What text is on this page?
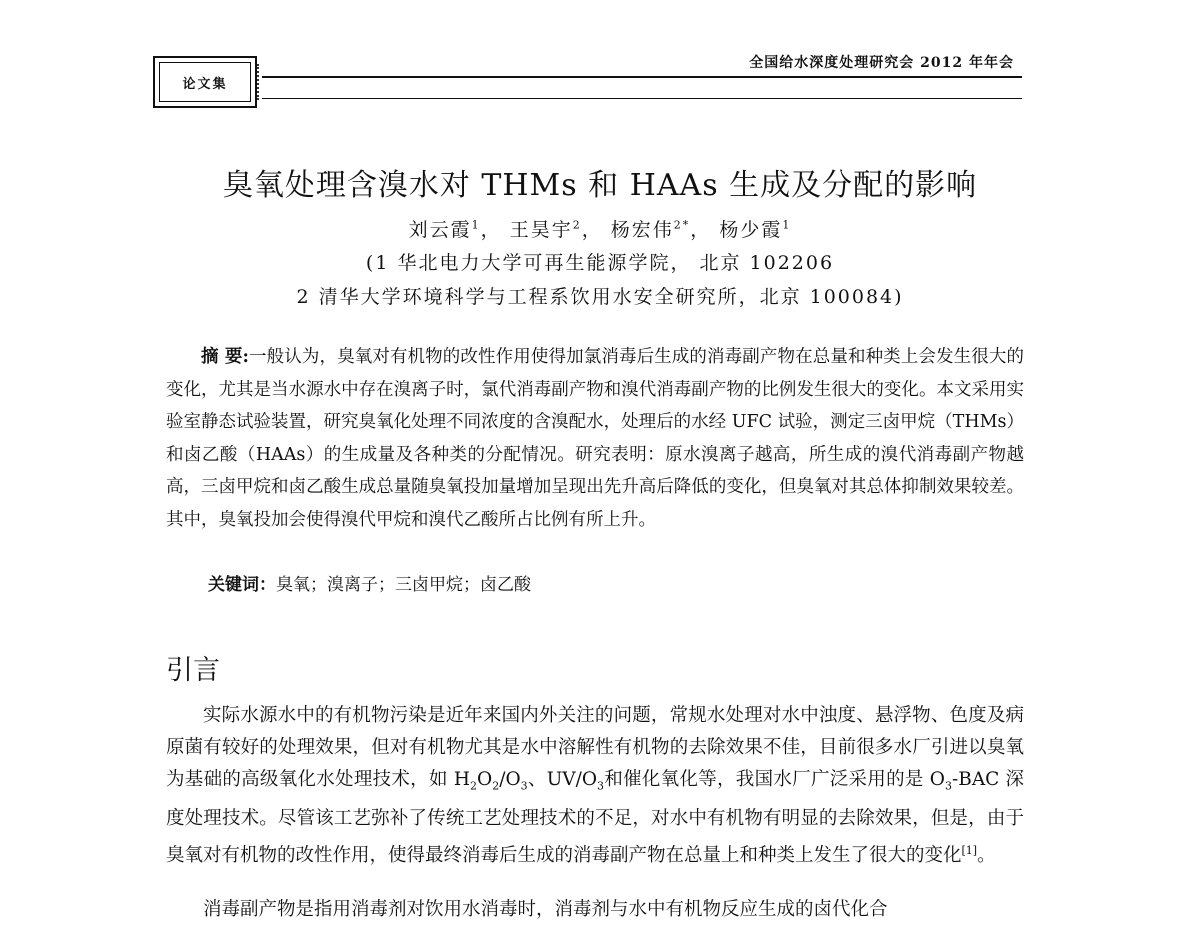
论文集
全国给水深度处理研究会 2012 年年会
臭氧处理含溴水对 THMs 和 HAAs 生成及分配的影响
刘云霞$^1$， 王昊宇$^2$， 杨宏伟$^{2*}$， 杨少霞$^1$
(1 华北电力大学可再生能源学院， 北京 102206
2 清华大学环境科学与工程系饮用水安全研究所，北京 100084)
摘 要:一般认为，臭氧对有机物的改性作用使得加氯消毒后生成的消毒副产物在总量和种类上会发生很大的变化，尤其是当水源水中存在溴离子时，氯代消毒副产物和溴代消毒副产物的比例发生很大的变化。本文采用实验室静态试验装置，研究臭氧化处理不同浓度的含溴配水，处理后的水经 UFC 试验，测定三卤甲烷（THMs）和卤乙酸（HAAs）的生成量及各种类的分配情况。研究表明：原水溴离子越高，所生成的溴代消毒副产物越高，三卤甲烷和卤乙酸生成总量随臭氧投加量增加呈现出先升高后降低的变化，但臭氧对其总体抑制效果较差。其中，臭氧投加会使得溴代甲烷和溴代乙酸所占比例有所上升。
关键词：臭氧；溴离子；三卤甲烷；卤乙酸
引言
实际水源水中的有机物污染是近年来国内外关注的问题，常规水处理对水中浊度、悬浮物、色度及病原菌有较好的处理效果，但对有机物尤其是水中溶解性有机物的去除效果不佳，目前很多水厂引进以臭氧为基础的高级氧化水处理技术，如 $H_2O_2/O_3$、$UV/O_3$和催化氧化等，我国水厂广泛采用的是 $O_3$-BAC 深度处理技术。尽管该工艺弥补了传统工艺处理技术的不足，对水中有机物有明显的去除效果，但是，由于臭氧对有机物的改性作用，使得最终消毒后生成的消毒副产物在总量上和种类上发生了很大的变化[1]。
消毒副产物是指用消毒剂对饮用水消毒时，消毒剂与水中有机物反应生成的卤代化合
